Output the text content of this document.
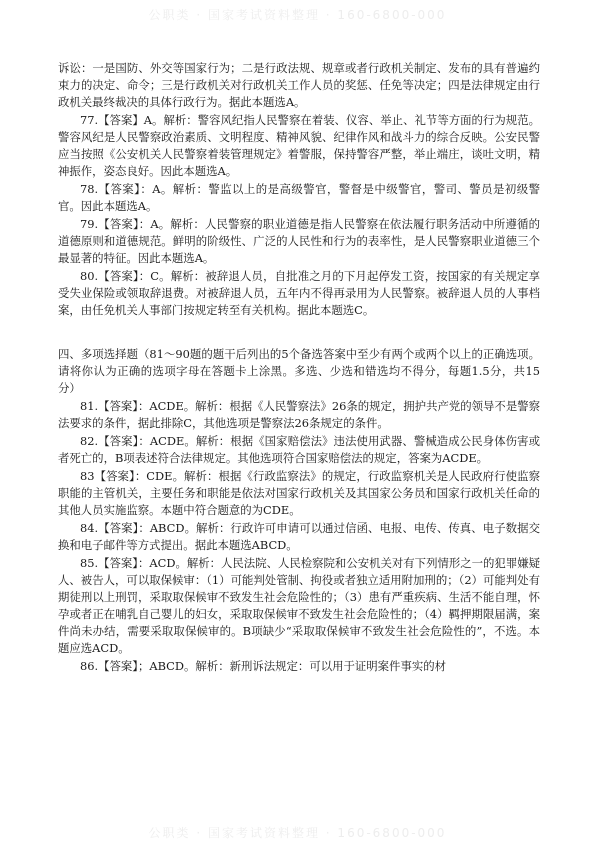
公职类 · 国家考试资料整理 · 160-6800-000

诉讼：一是国防、外交等国家行为；二是行政法规、规章或者行政机关制定、发布的具有普遍约束力的决定、命令；三是行政机关对行政机关工作人员的奖惩、任免等决定；四是法律规定由行政机关最终裁决的具体行政行为。据此本题选A。

77.【答案】A。解析：警容风纪指人民警察在着装、仪容、举止、礼节等方面的行为规范。警容风纪是人民警察政治素质、文明程度、精神风貌、纪律作风和战斗力的综合反映。公安民警应当按照《公安机关人民警察着装管理规定》着警服，保持警容严整，举止端庄，谈吐文明，精神振作，姿态良好。因此本题选A。

78.【答案】：A。解析：警监以上的是高级警官，警督是中级警官，警司、警员是初级警官。因此本题选A。

79.【答案】：A。解析：人民警察的职业道德是指人民警察在依法履行职务活动中所遵循的道德原则和道德规范。鲜明的阶级性、广泛的人民性和行为的表率性，是人民警察职业道德三个最显著的特征。因此本题选A。

80.【答案】：C。解析：被辞退人员，自批准之月的下月起停发工资，按国家的有关规定享受失业保险或领取辞退费。对被辞退人员，五年内不得再录用为人民警察。被辞退人员的人事档案，由任免机关人事部门按规定转至有关机构。据此本题选C。

四、多项选择题（81～90题的题干后列出的5个备选答案中至少有两个或两个以上的正确选项。请将你认为正确的选项字母在答题卡上涂黑。多选、少选和错选均不得分，每题1.5分，共15分）

81.【答案】：ACDE。解析：根据《人民警察法》26条的规定，拥护共产党的领导不是警察法要求的条件，据此排除C，其他选项是警察法26条规定的条件。

82.【答案】：ACDE。解析：根据《国家赔偿法》违法使用武器、警械造成公民身体伤害或者死亡的，B项表述符合法律规定。其他选项符合国家赔偿法的规定，答案为ACDE。

83【答案】：CDE。解析：根据《行政监察法》的规定，行政监察机关是人民政府行使监察职能的主管机关，主要任务和职能是依法对国家行政机关及其国家公务员和国家行政机关任命的其他人员实施监察。本题中符合题意的为CDE。

84.【答案】：ABCD。解析：行政许可申请可以通过信函、电报、电传、传真、电子数据交换和电子邮件等方式提出。据此本题选ABCD。

85.【答案】：ACD。解析：人民法院、人民检察院和公安机关对有下列情形之一的犯罪嫌疑人、被告人，可以取保候审：（1）可能判处管制、拘役或者独立适用附加刑的；（2）可能判处有期徒刑以上刑罚，采取取保候审不致发生社会危险性的；（3）患有严重疾病、生活不能自理，怀孕或者正在哺乳自己婴儿的妇女，采取取保候审不致发生社会危险性的；（4）羁押期限届满，案件尚未办结，需要采取取保候审的。B项缺少“采取取保候审不致发生社会危险性的”，不选。本题应选ACD。

86.【答案】；ABCD。解析：新刑诉法规定：可以用于证明案件事实的材

公职类 · 国家考试资料整理 · 160-6800-000
